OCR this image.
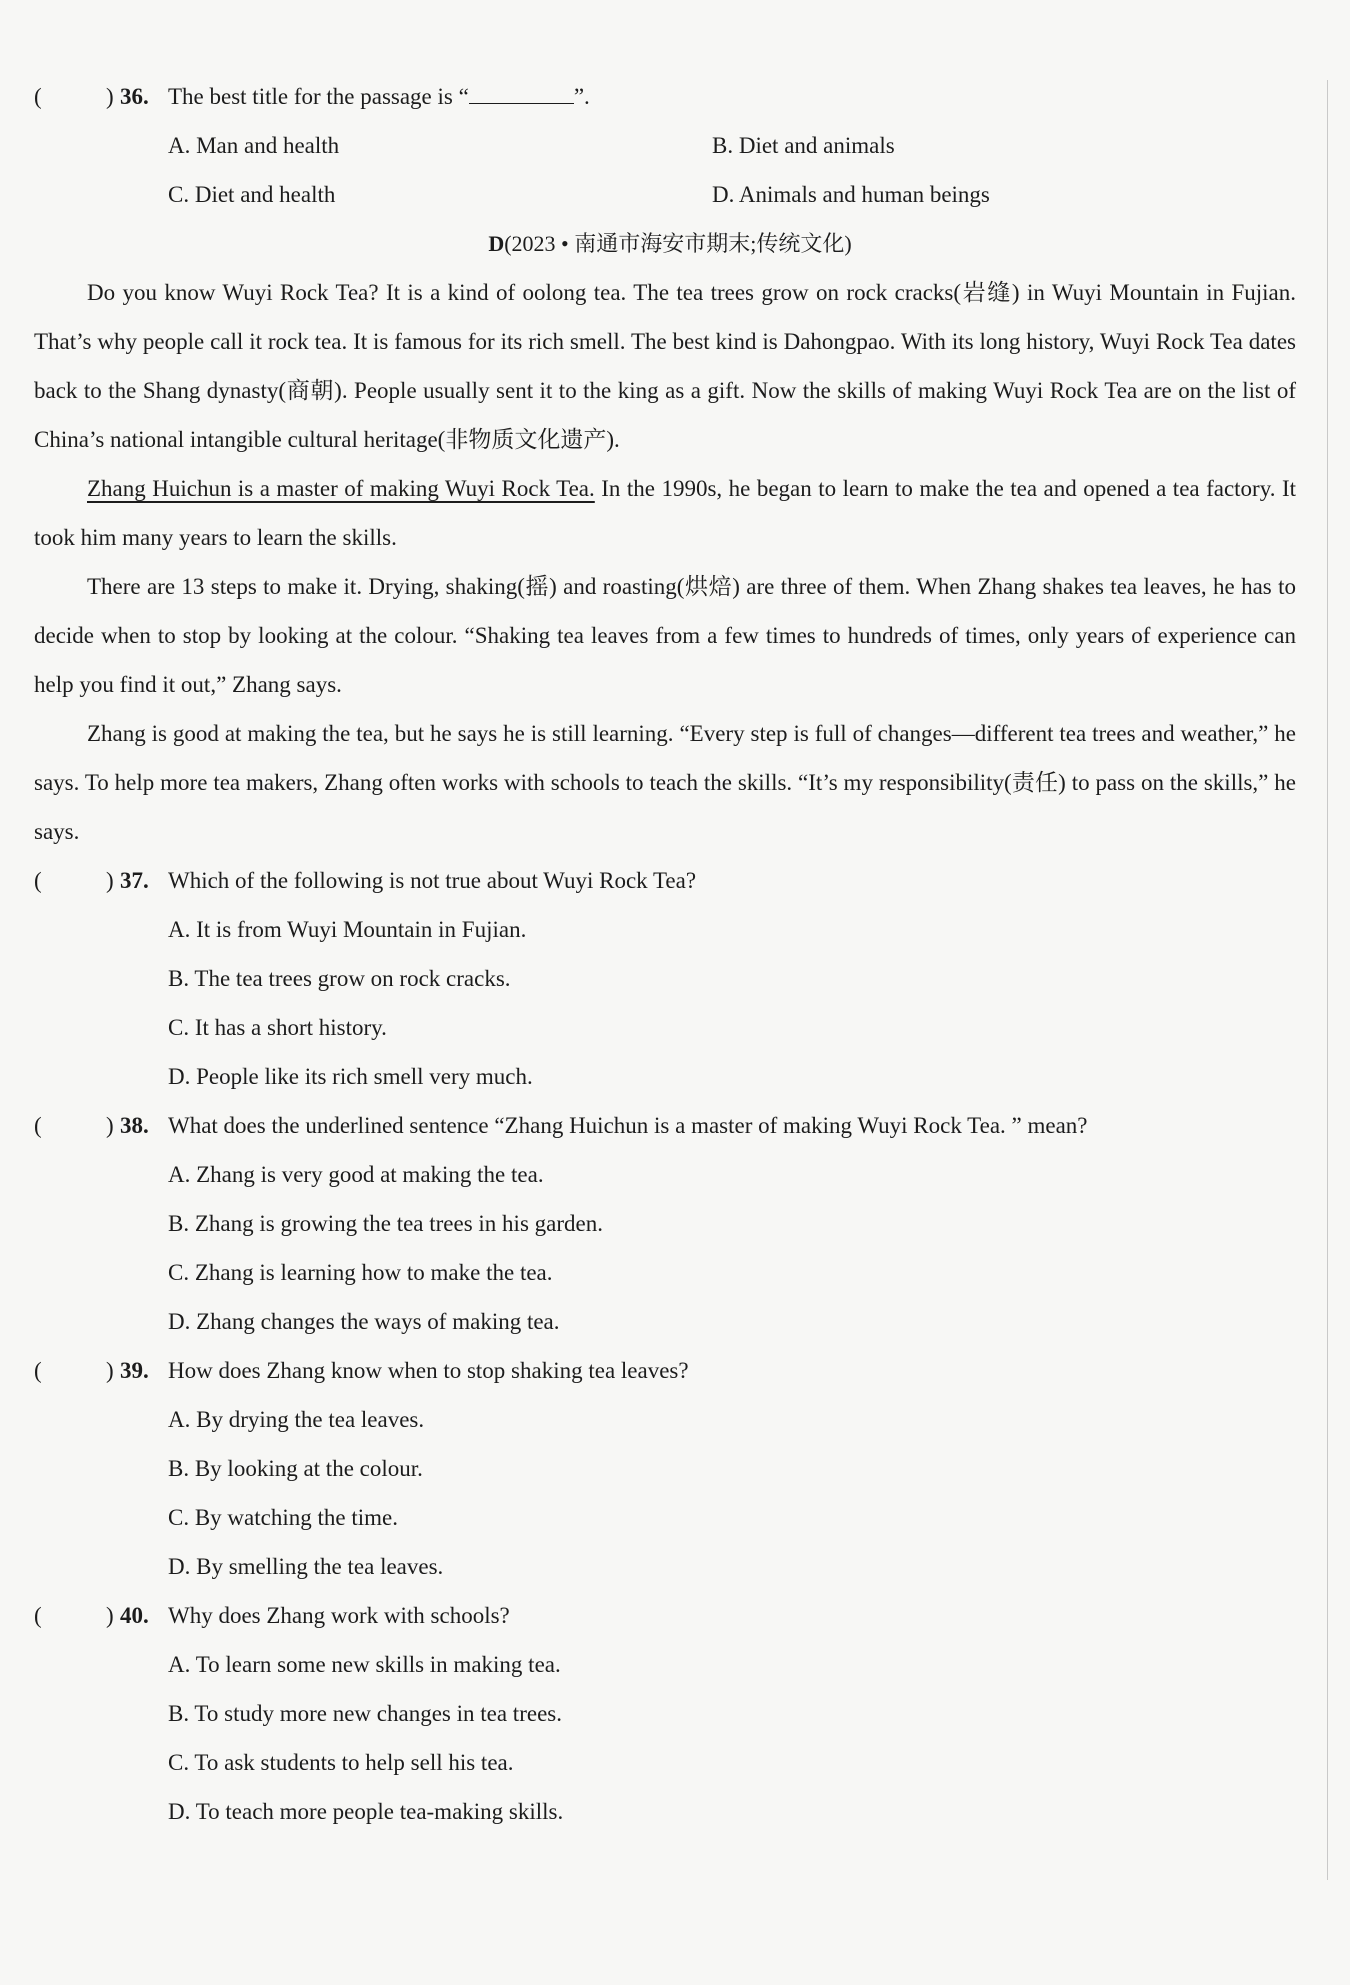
(	) 36. The best title for the passage is “	”.
A. Man and health	B. Diet and animals
C. Diet and health	D. Animals and human beings
D(2023 • 南通市海安市期末;传统文化)

Do you know Wuyi Rock Tea? It is a kind of oolong tea. The tea trees grow on rock cracks(岩缝) in Wuyi Mountain in Fujian. That’s why people call it rock tea. It is famous for its rich smell. The best kind is Dahongpao. With its long history, Wuyi Rock Tea dates back to the Shang dynasty(商朝). People usually sent it to the king as a gift. Now the skills of making Wuyi Rock Tea are on the list of China’s national intangible cultural heritage(非物质文化遗产).

Zhang Huichun is a master of making Wuyi Rock Tea. In the 1990s, he began to learn to make the tea and opened a tea factory. It took him many years to learn the skills.

There are 13 steps to make it. Drying, shaking(摇) and roasting(烘焙) are three of them. When Zhang shakes tea leaves, he has to decide when to stop by looking at the colour. “Shaking tea leaves from a few times to hundreds of times, only years of experience can help you find it out,” Zhang says.

Zhang is good at making the tea, but he says he is still learning. “Every step is full of changes—different tea trees and weather,” he says. To help more tea makers, Zhang often works with schools to teach the skills. “It’s my responsibility(责任) to pass on the skills,” he says.

(	) 37. Which of the following is not true about Wuyi Rock Tea?
A. It is from Wuyi Mountain in Fujian.
B. The tea trees grow on rock cracks.
C. It has a short history.
D. People like its rich smell very much.
(	) 38. What does the underlined sentence “Zhang Huichun is a master of making Wuyi Rock Tea. ” mean?
A. Zhang is very good at making the tea.
B. Zhang is growing the tea trees in his garden.
C. Zhang is learning how to make the tea.
D. Zhang changes the ways of making tea.
(	) 39. How does Zhang know when to stop shaking tea leaves?
A. By drying the tea leaves.
B. By looking at the colour.
C. By watching the time.
D. By smelling the tea leaves.
(	) 40. Why does Zhang work with schools?
A. To learn some new skills in making tea.
B. To study more new changes in tea trees.
C. To ask students to help sell his tea.
D. To teach more people tea-making skills.
